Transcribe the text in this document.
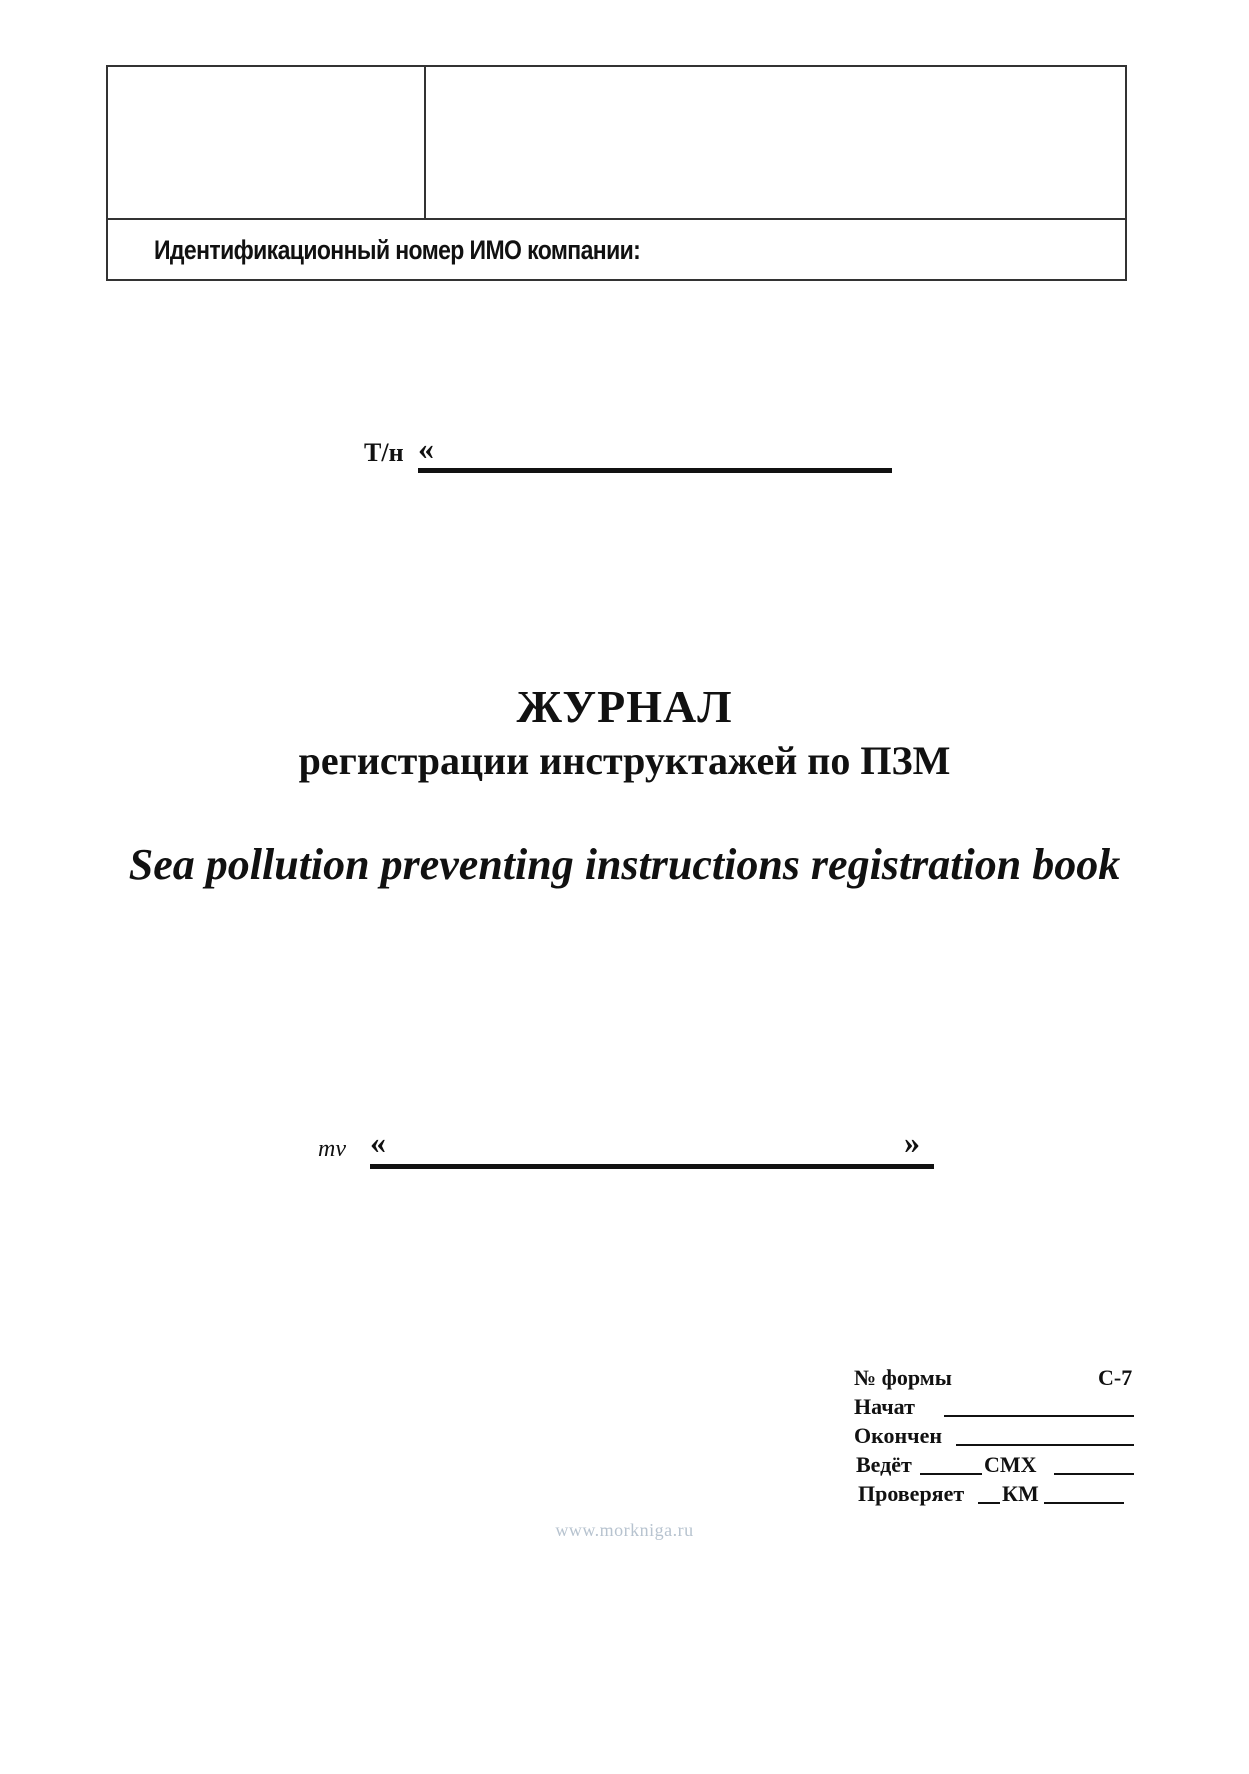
Идентификационный номер ИМО компании:
Т/н «
ЖУРНАЛ
регистрации инструктажей по ПЗМ
Sea pollution preventing instructions registration book
mv «	»
№ формы	С-7
Начат
Окончен
Ведёт	СМХ
Проверяет КМ
www.morkniga.ru
